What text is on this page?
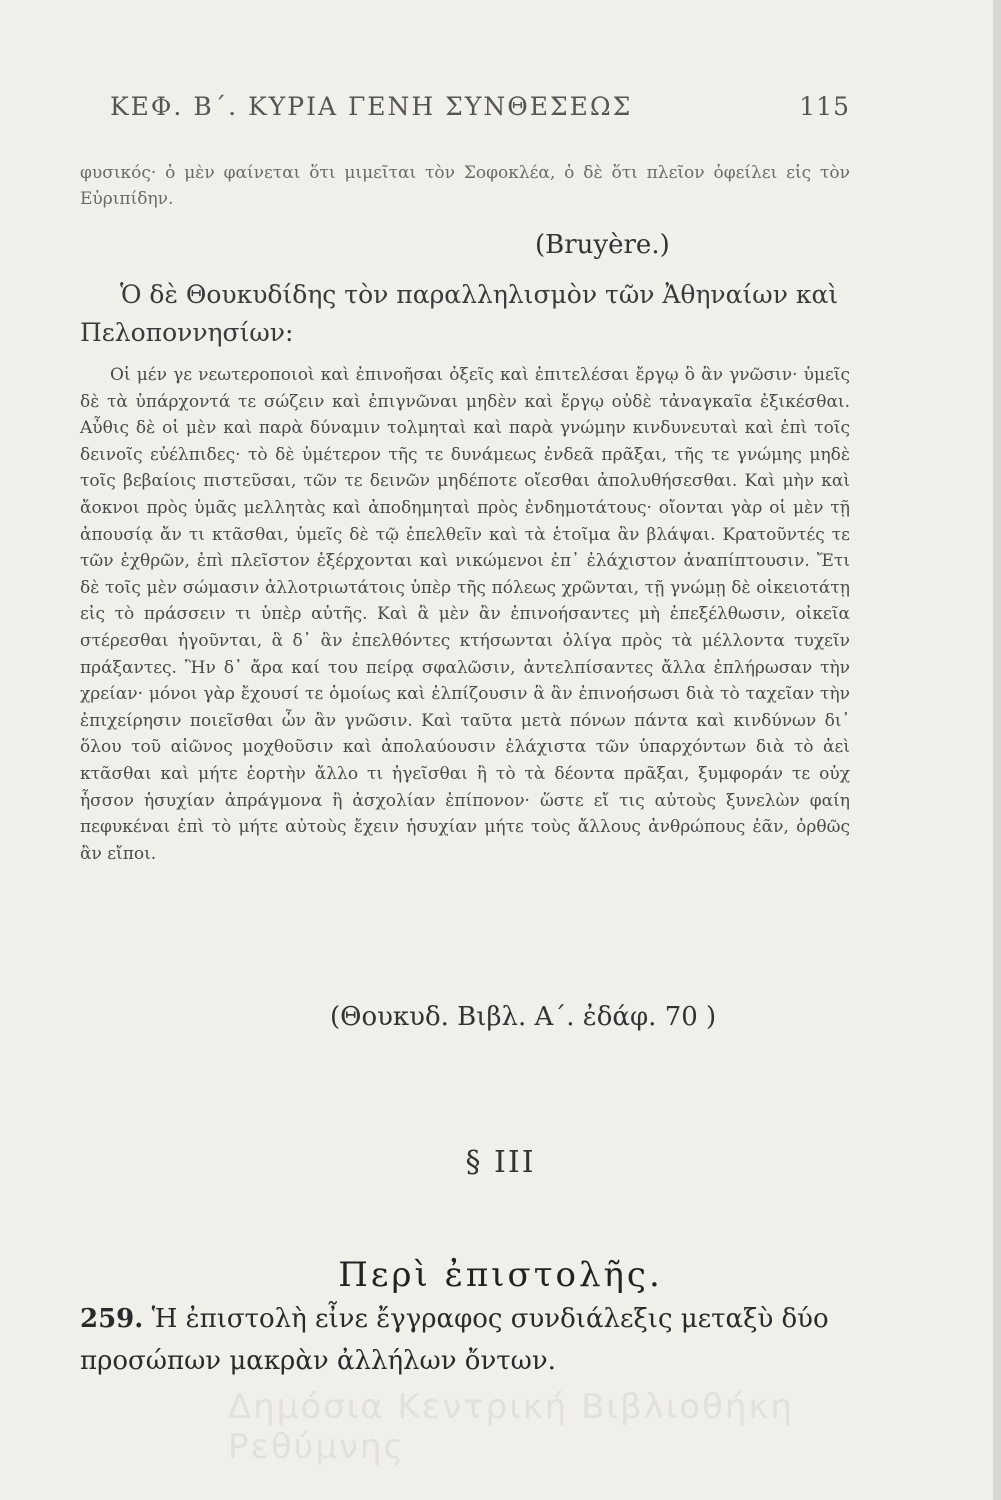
ΚΕΦ. Β΄. ΚΥΡΙΑ ΓΕΝΗ ΣΥΝΘΕΣΕΩΣ	115
φυσικός· ὁ μὲν φαίνεται ὅτι μιμεῖται τὸν Σοφοκλέα, ὁ δὲ ὅτι πλεῖον ὀφείλει εἰς τὸν Εὐριπίδην.
(Bruyère.)
Ὁ δὲ Θουκυδίδης τὸν παραλληλισμὸν τῶν Ἀθηναίων καὶ Πελοποννησίων:
Οἱ μέν γε νεωτεροποιοὶ καὶ ἐπινοῆσαι ὀξεῖς καὶ ἐπιτελέσαι ἔργῳ ὃ ἂν γνῶσιν· ὑμεῖς δὲ τὰ ὑπάρχοντά τε σώζειν καὶ ἐπιγνῶναι μηδὲν καὶ ἔργῳ οὐδὲ τἀναγκαῖα ἐξικέσθαι. Αὖθις δὲ οἱ μὲν καὶ παρὰ δύναμιν τολμηταὶ καὶ παρὰ γνώμην κινδυνευταὶ καὶ ἐπὶ τοῖς δεινοῖς εὐέλπιδες· τὸ δὲ ὑμέτερον τῆς τε δυνάμεως ἐνδεᾶ πρᾶξαι, τῆς τε γνώμης μηδὲ τοῖς βεβαίοις πιστεῦσαι, τῶν τε δεινῶν μηδέποτε οἴεσθαι ἀπολυθήσεσθαι. Καὶ μὴν καὶ ἄοκνοι πρὸς ὑμᾶς μελλητὰς καὶ ἀποδημηταὶ πρὸς ἐνδημοτάτους· οἴονται γὰρ οἱ μὲν τῇ ἀπουσίᾳ ἄν τι κτᾶσθαι, ὑμεῖς δὲ τῷ ἐπελθεῖν καὶ τὰ ἑτοῖμα ἂν βλάψαι. Κρατοῦντές τε τῶν ἐχθρῶν, ἐπὶ πλεῖστον ἐξέρχονται καὶ νικώμενοι ἐπ᾽ ἐλάχιστον ἀναπίπτουσιν. Ἔτι δὲ τοῖς μὲν σώμασιν ἀλλοτριωτάτοις ὑπὲρ τῆς πόλεως χρῶνται, τῇ γνώμῃ δὲ οἰκειοτάτῃ εἰς τὸ πράσσειν τι ὑπὲρ αὐτῆς. Καὶ ἃ μὲν ἂν ἐπινοήσαντες μὴ ἐπεξέλθωσιν, οἰκεῖα στέρεσθαι ἡγοῦνται, ἃ δ᾽ ἂν ἐπελθόντες κτήσωνται ὀλίγα πρὸς τὰ μέλλοντα τυχεῖν πράξαντες. Ἢν δ᾽ ἄρα καί του πείρᾳ σφαλῶσιν, ἀντελπίσαντες ἄλλα ἐπλήρωσαν τὴν χρείαν· μόνοι γὰρ ἔχουσί τε ὁμοίως καὶ ἐλπίζουσιν ἃ ἂν ἐπινοήσωσι διὰ τὸ ταχεῖαν τὴν ἐπιχείρησιν ποιεῖσθαι ὧν ἂν γνῶσιν. Καὶ ταῦτα μετὰ πόνων πάντα καὶ κινδύνων δι᾽ ὅλου τοῦ αἰῶνος μοχθοῦσιν καὶ ἀπολαύουσιν ἐλάχιστα τῶν ὑπαρχόντων διὰ τὸ ἀεὶ κτᾶσθαι καὶ μήτε ἑορτὴν ἄλλο τι ἡγεῖσθαι ἢ τὸ τὰ δέοντα πρᾶξαι, ξυμφοράν τε οὐχ ἧσσον ἡσυχίαν ἀπράγμονα ἢ ἀσχολίαν ἐπίπονον· ὥστε εἴ τις αὐτοὺς ξυνελὼν φαίη πεφυκέναι ἐπὶ τὸ μήτε αὐτοὺς ἔχειν ἡσυχίαν μήτε τοὺς ἄλλους ἀνθρώπους ἐᾶν, ὀρθῶς ἂν εἴποι.
(Θουκυδ. Βιβλ. Α΄. ἐδάφ. 70 )
§ III
Περὶ ἐπιστολῆς.
259. Ἡ ἐπιστολὴ εἶνε ἔγγραφος συνδιάλεξις μεταξὺ δύο προσώπων μακρὰν ἀλλήλων ὄντων.
Δημόσια Κεντρική Βιβλιοθήκη Ρεθύμνης
